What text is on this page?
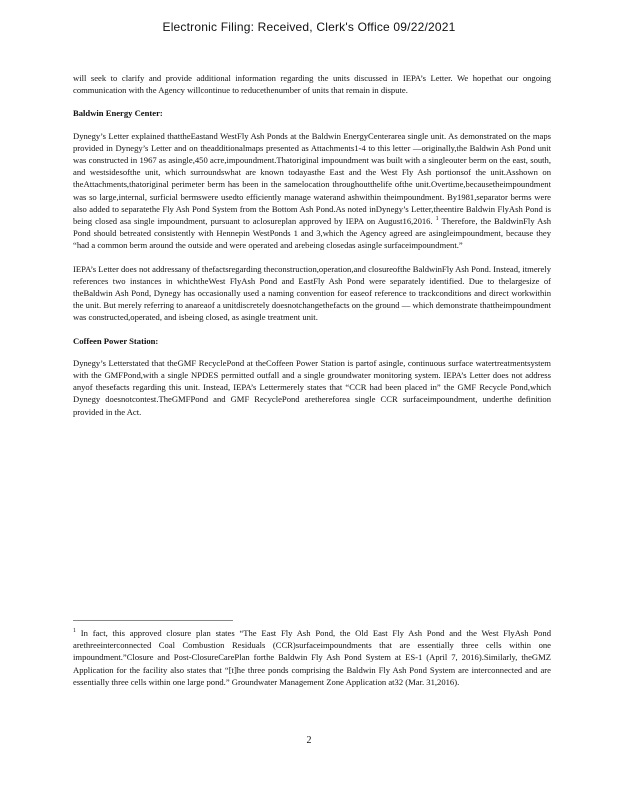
Electronic Filing: Received, Clerk's Office 09/22/2021

will seek to clarify and provide additional information regarding the units discussed in IEPA’s Letter. We hopethat our ongoing communication with the Agency willcontinue to reducethenumber of units that remain in dispute.

Baldwin Energy Center:

Dynegy’s Letter explained thattheEastand WestFly Ash Ponds at the Baldwin EnergyCenterarea single unit. As demonstrated on the maps provided in Dynegy’s Letter and on theadditionalmaps presented as Attachments1-4 to this letter —originally,the Baldwin Ash Pond unit was constructed in 1967 as asingle,450 acre,impoundment.Thatoriginal impoundment was built with a singleouter berm on the east, south, and westsidesofthe unit, which surroundswhat are known todayasthe East and the West Fly Ash portionsof the unit.Asshown on theAttachments,thatoriginal perimeter berm has been in the samelocation throughoutthelife ofthe unit.Overtime,becausetheimpoundment was so large,internal, surficial bermswere usedto efficiently manage waterand ashwithin theimpoundment. By1981,separator berms were also added to separatethe Fly Ash Pond System from the Bottom Ash Pond.As noted inDynegy’s Letter,theentire Baldwin FlyAsh Pond is being closed asa single impoundment, pursuant to aclosureplan approved by IEPA on August16,2016. $^1$ Therefore, the BaldwinFly Ash Pond should betreated consistently with Hennepin WestPonds 1 and 3,which the Agency agreed are asingleimpoundment, because they “had a common berm around the outside and were operated and arebeing closedas asingle surfaceimpoundment.”

IEPA’s Letter does not addressany of thefactsregarding theconstruction,operation,and closureofthe BaldwinFly Ash Pond. Instead, itmerely references two instances in whichtheWest FlyAsh Pond and EastFly Ash Pond were separately identified. Due to thelargesize of theBaldwin Ash Pond, Dynegy has occasionally used a naming convention for easeof reference to trackconditions and direct workwithin the unit. But merely referring to anareaof a unitdiscretely doesnotchangethefacts on the ground — which demonstrate thattheimpoundment was constructed,operated, and isbeing closed, as asingle treatment unit.

Coffeen Power Station:

Dynegy’s Letterstated that theGMF RecyclePond at theCoffeen Power Station is partof asingle, continuous surface watertreatmentsystem with the GMFPond,with a single NPDES permitted outfall and a single groundwater monitoring system. IEPA’s Letter does not address anyof thesefacts regarding this unit. Instead, IEPA’s Lettermerely states that “CCR had been placed in” the GMF Recycle Pond,which Dynegy doesnotcontest.TheGMFPond and GMF RecyclePond arethereforea single CCR surfaceimpoundment, underthe definition provided in the Act.

$^1$ In fact, this approved closure plan states “The East Fly Ash Pond, the Old East Fly Ash Pond and the West FlyAsh Pond arethreeinterconnected Coal Combustion Residuals (CCR)surfaceimpoundments that are essentially three cells within one impoundment.”Closure and Post-ClosureCarePlan forthe Baldwin Fly Ash Pond System at ES-1 (April 7, 2016).Similarly, theGMZ Application for the facility also states that “[t]he three ponds comprising the Baldwin Fly Ash Pond System are interconnected and are essentially three cells within one large pond.” Groundwater Management Zone Application at32 (Mar. 31,2016).
2
